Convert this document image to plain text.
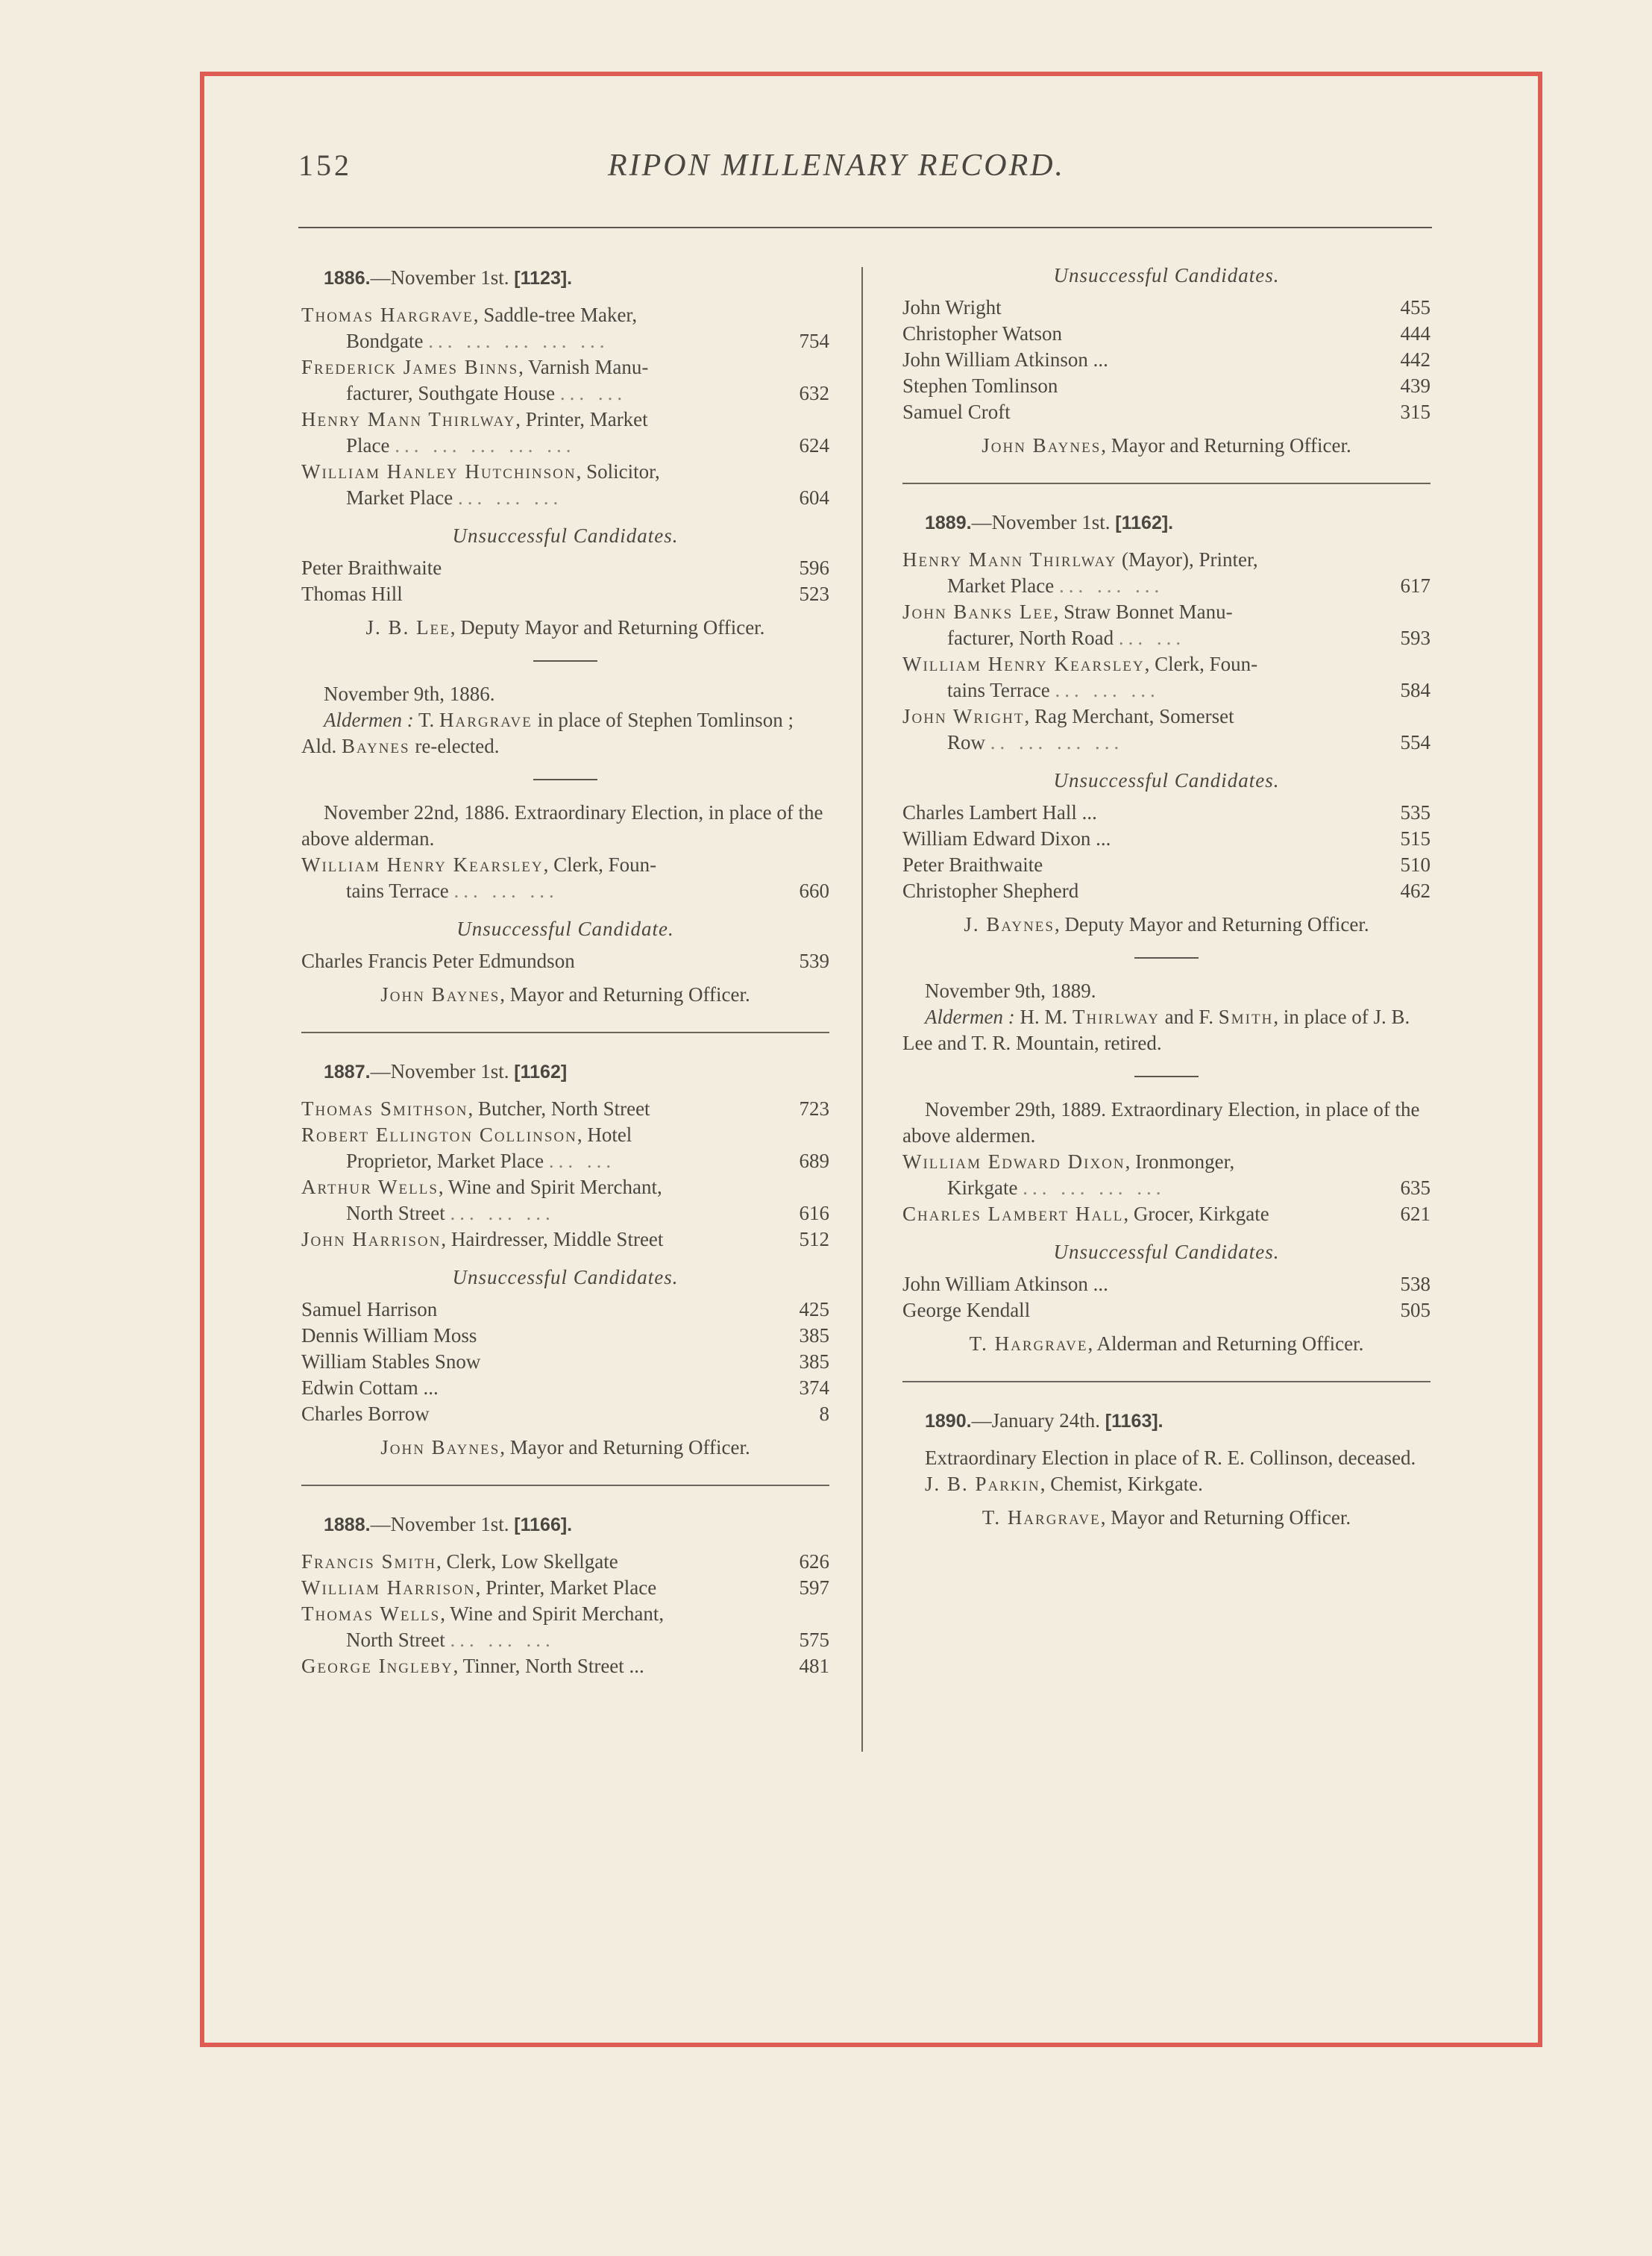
152	RIPON MILLENARY RECORD.
1886.—November 1st. [1123].
Thomas Hargrave, Saddle-tree Maker,
Bondgate ... ... ... ... ...	754
Frederick James Binns, Varnish Manu-
facturer, Southgate House ... ...	632
Henry Mann Thirlway, Printer, Market
Place ... ... ... ... ...	624
William Hanley Hutchinson, Solicitor,
Market Place ... ... ...	604
Unsuccessful Candidates.
Peter Braithwaite	596
Thomas Hill	523
J. B. Lee, Deputy Mayor and Returning Officer.
November 9th, 1886.
Aldermen : T. Hargrave in place of Stephen Tomlinson ; Ald. Baynes re-elected.
November 22nd, 1886. Extraordinary Election, in place of the above alderman.
William Henry Kearsley, Clerk, Foun-
tains Terrace ... ... ...	660
Unsuccessful Candidate.
Charles Francis Peter Edmundson	539
John Baynes, Mayor and Returning Officer.
1887.—November 1st. [1162]
Thomas Smithson, Butcher, North Street	723
Robert Ellington Collinson, Hotel
Proprietor, Market Place ... ...	689
Arthur Wells, Wine and Spirit Merchant,
North Street ... ... ...	616
John Harrison, Hairdresser, Middle Street	512
Unsuccessful Candidates.
Samuel Harrison	425
Dennis William Moss	385
William Stables Snow	385
Edwin Cottam ...	374
Charles Borrow	8
John Baynes, Mayor and Returning Officer.
1888.—November 1st. [1166].
Francis Smith, Clerk, Low Skellgate	626
William Harrison, Printer, Market Place	597
Thomas Wells, Wine and Spirit Merchant,
North Street ... ... ...	575
George Ingleby, Tinner, North Street ...	481
Unsuccessful Candidates.
John Wright	455
Christopher Watson	444
John William Atkinson ...	442
Stephen Tomlinson	439
Samuel Croft	315
John Baynes, Mayor and Returning Officer.
1889.—November 1st. [1162].
Henry Mann Thirlway (Mayor), Printer,
Market Place ... ... ...	617
John Banks Lee, Straw Bonnet Manu-
facturer, North Road ... ...	593
William Henry Kearsley, Clerk, Foun-
tains Terrace ... ... ...	584
John Wright, Rag Merchant, Somerset
Row .. ... ... ...	554
Unsuccessful Candidates.
Charles Lambert Hall ...	535
William Edward Dixon ...	515
Peter Braithwaite	510
Christopher Shepherd	462
J. Baynes, Deputy Mayor and Returning Officer.
November 9th, 1889.
Aldermen : H. M. Thirlway and F. Smith, in place of J. B. Lee and T. R. Mountain, retired.
November 29th, 1889. Extraordinary Election, in place of the above aldermen.
William Edward Dixon, Ironmonger,
Kirkgate ... ... ... ...	635
Charles Lambert Hall, Grocer, Kirkgate	621
Unsuccessful Candidates.
John William Atkinson ...	538
George Kendall	505
T. Hargrave, Alderman and Returning Officer.
1890.—January 24th. [1163].
Extraordinary Election in place of R. E. Collinson, deceased.
J. B. Parkin, Chemist, Kirkgate.
T. Hargrave, Mayor and Returning Officer.
